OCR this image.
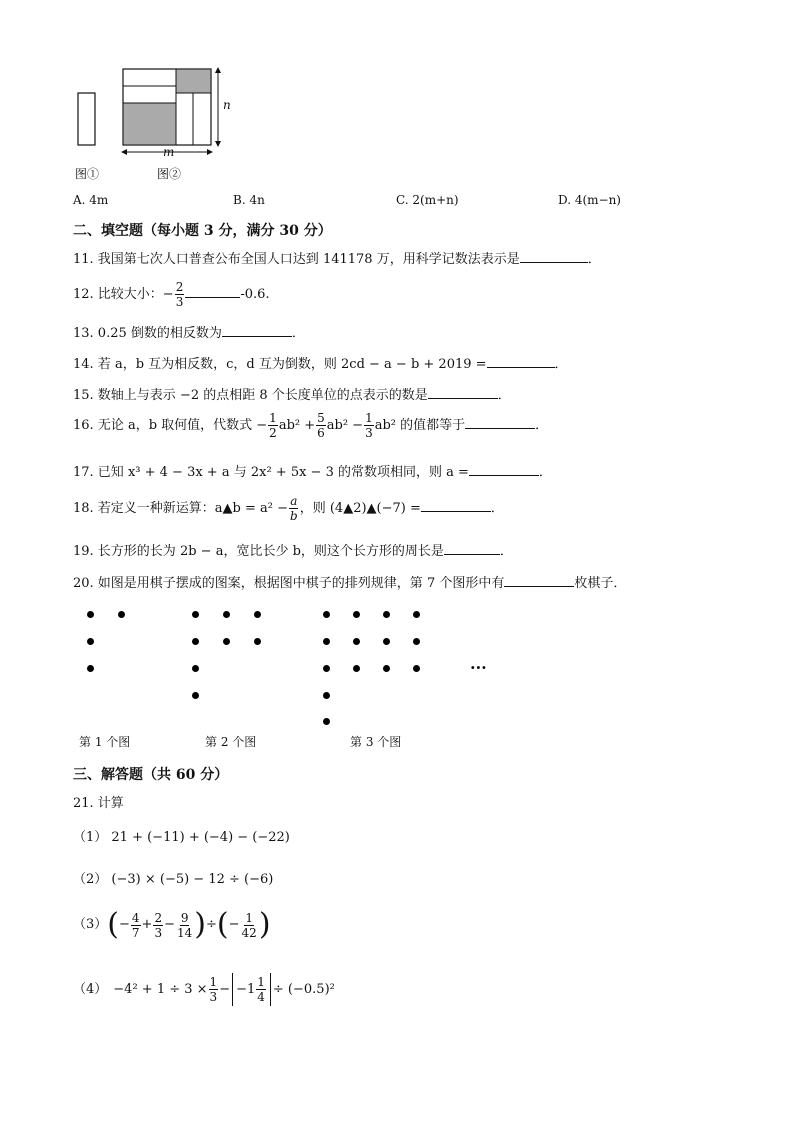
n
m
图①	图②
A. 4m	B. 4n	C. 2(m+n)	D. 4(m−n)
二、填空题（每小题 3 分，满分 30 分）
11. 我国第七次人口普查公布全国人口达到 141178 万，用科学记数法表示是	．
12. 比较大小：− $\frac{2}{3}$	-0.6.
13. 0.25 倒数的相反数为	．
14. 若 a，b 互为相反数，c，d 互为倒数，则 2cd − a − b + 2019 =	．
15. 数轴上与表示 −2 的点相距 8 个长度单位的点表示的数是	．
16. 无论 a，b 取何值，代数式 − $\frac{1}{2} ab^2 + \frac{5}{6} ab^2 - \frac{1}{3} ab^2$ 的值都等于	．
17. 已知 x³ + 4 − 3x + a 与 2x² + 5x − 3 的常数项相同，则 a =	．
18. 若定义一种新运算：a▲b = $a^2 - \frac{a}{b}$ ，则 (4▲2)▲(−7) =	．
19. 长方形的长为 2b − a，宽比长少 b，则这个长方形的周长是	．
20. 如图是用棋子摆成的图案，根据图中棋子的排列规律，第 7 个图形中有	枚棋子．
···
第 1 个图	第 2 个图	第 3 个图
三、解答题（共 60 分）
21. 计算
（1） 21 + (−11) + (−4) − (−22)
（2） (−3) × (−5) − 12 ÷ (−6)
（3） ( − $\frac{4}{7} + \frac{2}{3} - \frac{9}{14}$ ) ÷ ( − $\frac{1}{42}$ )
$(4) -4^2 + 1 \div 3 \times \frac{1}{3} - -1 \frac{1}{4} \div (-0.5)^2$
